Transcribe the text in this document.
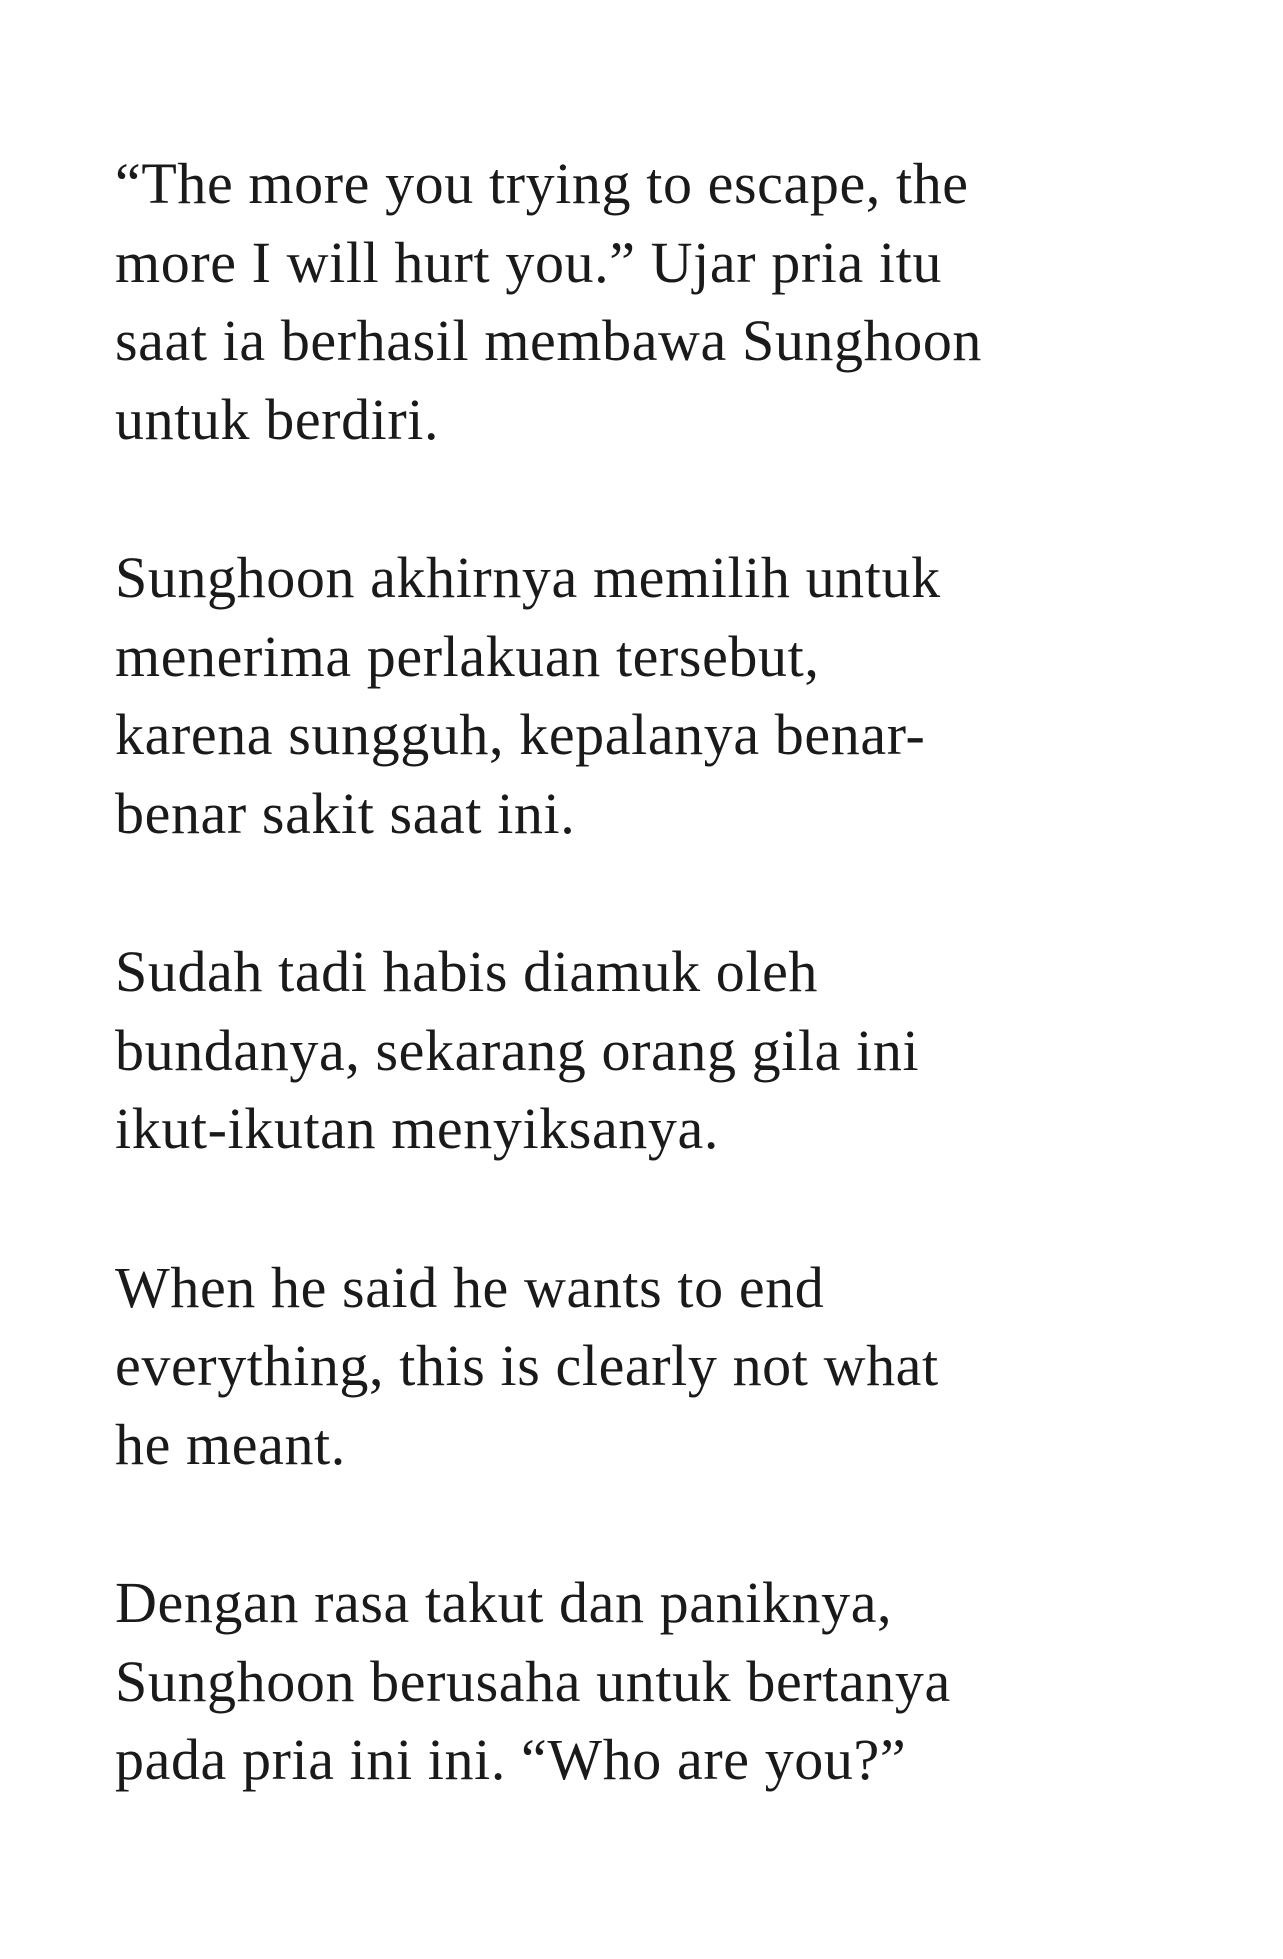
“The more you trying to escape, the
more I will hurt you.” Ujar pria itu
saat ia berhasil membawa Sunghoon
untuk berdiri.

Sunghoon akhirnya memilih untuk
menerima perlakuan tersebut,
karena sungguh, kepalanya benar-
benar sakit saat ini.

Sudah tadi habis diamuk oleh
bundanya, sekarang orang gila ini
ikut-ikutan menyiksanya.

When he said he wants to end
everything, this is clearly not what
he meant.

Dengan rasa takut dan paniknya,
Sunghoon berusaha untuk bertanya
pada pria ini ini. “Who are you?”
